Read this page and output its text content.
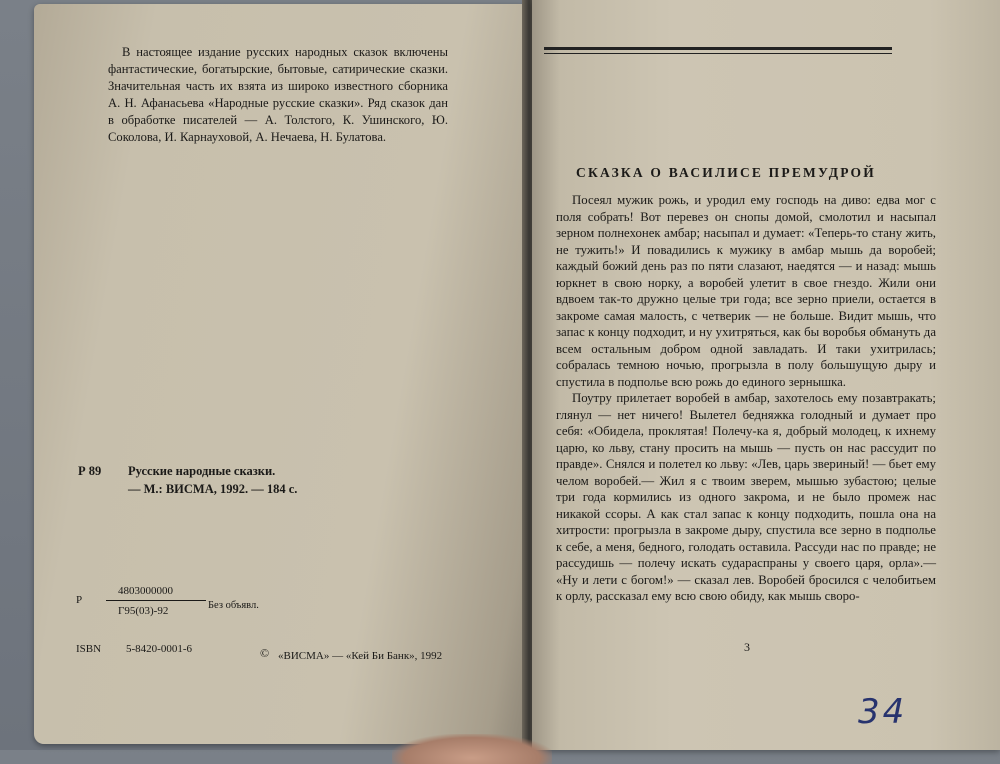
В настоящее издание русских народных сказок включены фантастические, богатырские, бытовые, сатирические сказки. Значительная часть их взята из широко известного сборника А. Н. Афанасьева «Народные русские сказки». Ряд сказок дан в обработке писателей — А. Толстого, К. Ушинского, Ю. Соколова, И. Карнауховой, А. Нечаева, Н. Булатова.
Р 89 Русские народные сказки.
— М.: ВИСМА, 1992. — 184 с.
Р
4803000000
Г95(03)-92	Без объявл.
ISBN 5-8420-0001-6	© «ВИСМА» — «Кей Би Банк», 1992
СКАЗКА О ВАСИЛИСЕ ПРЕМУДРОЙ

Посеял мужик рожь, и уродил ему господь на диво: едва мог с поля собрать! Вот перевез он снопы домой, смолотил и насыпал зерном полнехонек амбар; насыпал и думает: «Теперь-то стану жить, не тужить!» И повадились к мужику в амбар мышь да воробей; каждый божий день раз по пяти слазают, наедятся — и назад: мышь юркнет в свою норку, а воробей улетит в свое гнездо. Жили они вдвоем так-то дружно целые три года; все зерно приели, остается в закроме самая малость, с четверик — не больше. Видит мышь, что запас к концу подходит, и ну ухитряться, как бы воробья обмануть да всем остальным добром одной завладать. И таки ухитрилась; собралась темною ночью, прогрызла в полу большущую дыру и спустила в подполье всю рожь до единого зернышка.

Поутру прилетает воробей в амбар, захотелось ему позавтракать; глянул — нет ничего! Вылетел бедняжка голодный и думает про себя: «Обидела, проклятая! Полечу-ка я, добрый молодец, к ихнему царю, ко льву, стану просить на мышь — пусть он нас рассудит по правде». Снялся и полетел ко льву: «Лев, царь звериный! — бьет ему челом воробей.— Жил я с твоим зверем, мышью зубастою; целые три года кормились из одного закрома, и не было промеж нас никакой ссоры. А как стал запас к концу подходить, пошла она на хитрости: прогрызла в закроме дыру, спустила все зерно в подполье к себе, а меня, бедного, голодать оставила. Рассуди нас по правде; не рассудишь — полечу искать судараспраны у своего царя, орла».— «Ну и лети с богом!» — сказал лев. Воробей бросился с челобитьем к орлу, рассказал ему всю свою обиду, как мышь своро-

3
34
